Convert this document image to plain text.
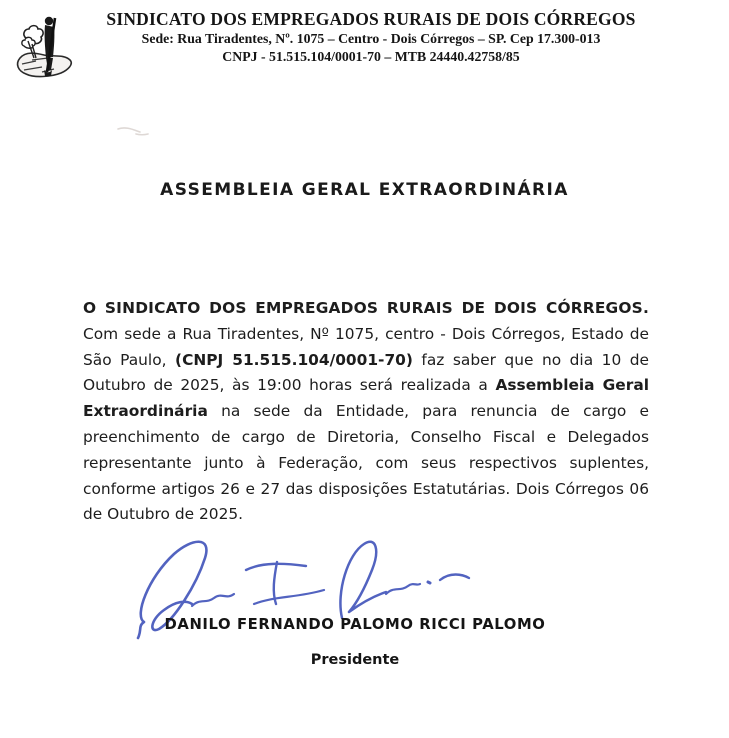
SINDICATO DOS EMPREGADOS RURAIS DE DOIS CÓRREGOS
Sede: Rua Tiradentes, Nº. 1075 – Centro - Dois Córregos – SP. Cep 17.300-013
CNPJ - 51.515.104/0001-70 – MTB 24440.42758/85
ASSEMBLEIA GERAL EXTRAORDINÁRIA
O SINDICATO DOS EMPREGADOS RURAIS DE DOIS CÓRREGOS.
Com sede a Rua Tiradentes, Nº 1075, centro - Dois Córregos, Estado de São Paulo, (CNPJ 51.515.104/0001-70) faz saber que no dia 10 de Outubro de 2025, às 19:00 horas será realizada a Assembleia Geral Extraordinária na sede da Entidade, para renuncia de cargo e preenchimento de cargo de Diretoria, Conselho Fiscal e Delegados representante junto à Federação, com seus respectivos suplentes, conforme artigos 26 e 27 das disposições Estatutárias. Dois Córregos 06 de Outubro de 2025.
DANILO FERNANDO PALOMO RICCI PALOMO
Presidente
